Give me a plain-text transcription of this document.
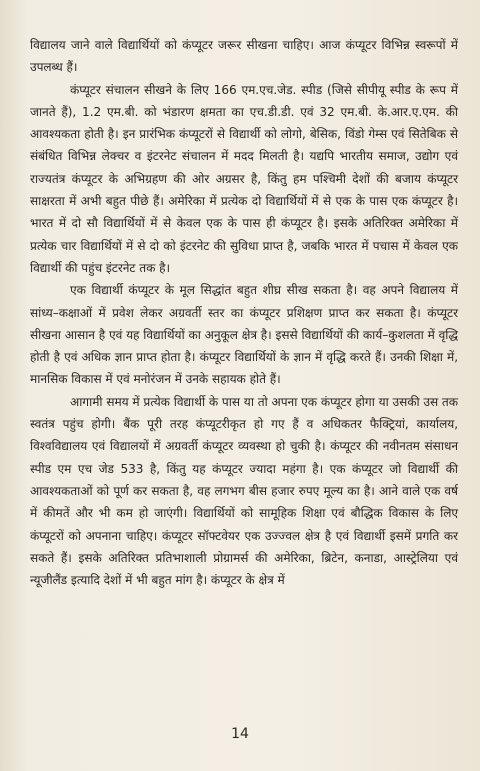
विद्यालय जाने वाले विद्यार्थियों को कंप्यूटर जरूर सीखना चाहिए। आज कंप्यूटर विभिन्न स्वरूपों में उपलब्ध हैं।

कंप्यूटर संचालन सीखने के लिए 166 एम.एच.जेड. स्पीड (जिसे सीपीयू स्पीड के रूप में जानते हैं), 1.2 एम.बी. को भंडारण क्षमता का एच.डी.डी. एवं 32 एम.बी. के.आर.ए.एम. की आवश्यकता होती है। इन प्रारंभिक कंप्यूटरों से विद्यार्थी को लोगो, बेसिक, विंडो गेम्स एवं सितेबिक से संबंधित विभिन्न लेक्चर व इंटरनेट संचालन में मदद मिलती है। यद्यपि भारतीय समाज, उद्योग एवं राज्यतंत्र कंप्यूटर के अभिग्रहण की ओर अग्रसर है, किंतु हम पश्चिमी देशों की बजाय कंप्यूटर साक्षरता में अभी बहुत पीछे हैं। अमेरिका में प्रत्येक दो विद्यार्थियों में से एक के पास एक कंप्यूटर है। भारत में दो सौ विद्यार्थियों में से केवल एक के पास ही कंप्यूटर है। इसके अतिरिक्त अमेरिका में प्रत्येक चार विद्यार्थियों में से दो को इंटरनेट की सुविधा प्राप्त है, जबकि भारत में पचास में केवल एक विद्यार्थी की पहुंच इंटरनेट तक है।

एक विद्यार्थी कंप्यूटर के मूल सिद्धांत बहुत शीघ्र सीख सकता है। वह अपने विद्यालय में सांध्य–कक्षाओं में प्रवेश लेकर अग्रवर्ती स्तर का कंप्यूटर प्रशिक्षण प्राप्त कर सकता है। कंप्यूटर सीखना आसान है एवं यह विद्यार्थियों का अनुकूल क्षेत्र है। इससे विद्यार्थियों की कार्य–कुशलता में वृद्धि होती है एवं अधिक ज्ञान प्राप्त होता है। कंप्यूटर विद्यार्थियों के ज्ञान में वृद्धि करते हैं। उनकी शिक्षा में, मानसिक विकास में एवं मनोरंजन में उनके सहायक होते हैं।

आगामी समय में प्रत्येक विद्यार्थी के पास या तो अपना एक कंप्यूटर होगा या उसकी उस तक स्वतंत्र पहुंच होगी। बैंक पूरी तरह कंप्यूटरीकृत हो गए हैं व अधिकतर फैक्ट्रियां, कार्यालय, विश्वविद्यालय एवं विद्यालयों में अग्रवर्ती कंप्यूटर व्यवस्था हो चुकी है। कंप्यूटर की नवीनतम संसाधन स्पीड एम एच जेड 533 है, किंतु यह कंप्यूटर ज्यादा महंगा है। एक कंप्यूटर जो विद्यार्थी की आवश्यकताओं को पूर्ण कर सकता है, वह लगभग बीस हजार रुपए मूल्य का है। आने वाले एक वर्ष में कीमतें और भी कम हो जाएंगी। विद्यार्थियों को सामूहिक शिक्षा एवं बौद्धिक विकास के लिए कंप्यूटरों को अपनाना चाहिए। कंप्यूटर सॉफ्टवेयर एक उज्ज्वल क्षेत्र है एवं विद्यार्थी इसमें प्रगति कर सकते हैं। इसके अतिरिक्त प्रतिभाशाली प्रोग्रामर्स की अमेरिका, ब्रिटेन, कनाडा, आस्ट्रेलिया एवं न्यूजीलैंड इत्यादि देशों में भी बहुत मांग है। कंप्यूटर के क्षेत्र में

14
